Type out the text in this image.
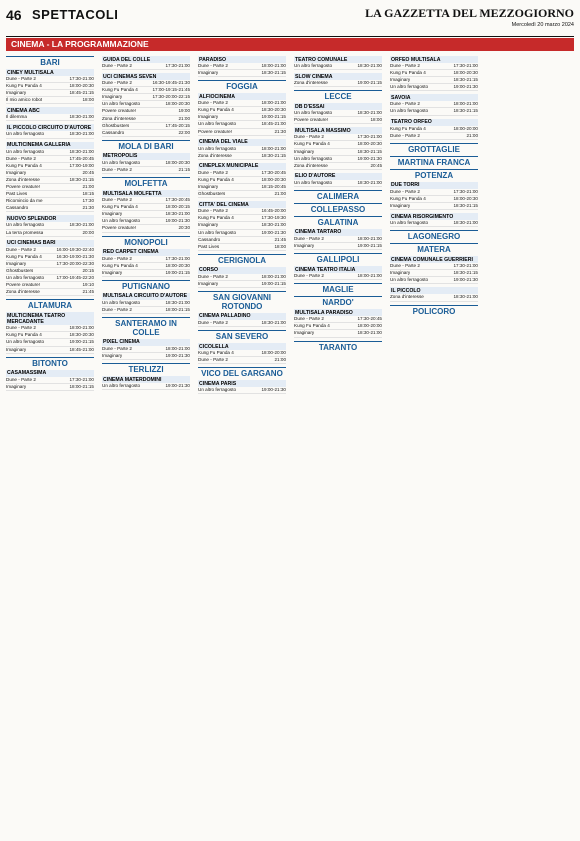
46 SPETTACOLI	LA GAZZETTA DEL MEZZOGIORNO
Mercoledì 20 marzo 2024
CINEMA - LA PROGRAMMAZIONE
BARI
CINEY MULTISALA
Dune - Parte 2	17:30-21:00
Kung Fu Panda 4	18:00-20:30
Imaginary	18:45-21:15
Il mio amico robot	18:00
CINEMA ABC
Il dilemma	18:30-21:00
IL PICCOLO CIRCUITO D'AUTORE
Un altro ferragosto	18:30-21:00
MULTICINEMA GALLERIA
Un altro ferragosto	18:30-21:00
Dune - Parte 2	17:45-20:45
Kung Fu Panda 4	17:00-19:00
Imaginary	20:45
Zona d'interesse	18:30-21:15
Povere creature!	21:00
Past Lives	18:15
Ricomincio da me	17:30
Cassandro	21:30
NUOVO SPLENDOR
Un altro ferragosto	18:30-21:00
La terra promessa	20:00
UCI CINEMAS BARI
Dune - Parte 2	16:00-19:30-22:40
Kung Fu Panda 4	16:30-19:00-21:30
Imaginary	17:30-20:00-22:30
Ghostbusters	20:15
Un altro ferragosto	17:00-19:45-22:20
Povere creature!	19:10
Zona d'interesse	21:45
ALTAMURA
MULTICINEMA TEATRO MERCADANTE
Dune - Parte 2	18:00-21:00
Kung Fu Panda 4	18:30-20:30
Un altro ferragosto	19:00-21:15
Imaginary	18:45-21:00
BITONTO
CASAMASSIMA
Dune - Parte 2	17:30-21:00
Imaginary	18:00-21:15
GUIDA DEL COLLE
Dune - Parte 2	17:30-21:00
UCI CINEMAS SEVEN
Dune - Parte 2	16:30-19:45-21:30
Kung Fu Panda 4	17:00-19:15-21:45
Imaginary	17:30-20:00-22:15
Un altro ferragosto	18:00-20:30
Povere creature!	19:00
Zona d'interesse	21:00
Ghostbusters	17:45-20:15
Cassandro	22:00
MOLA DI BARI
METROPOLIS
Un altro ferragosto	18:00-20:30
Dune - Parte 2	21:15
MOLFETTA
MULTISALA MOLFETTA
Dune - Parte 2	17:30-20:45
Kung Fu Panda 4	18:00-20:15
Imaginary	18:30-21:00
Un altro ferragosto	19:00-21:30
Povere creature!	20:30
MONOPOLI
RED CARPET CINEMA
Dune - Parte 2	17:30-21:00
Kung Fu Panda 4	18:00-20:30
Imaginary	19:00-21:15
PUTIGNANO
MULTISALA CIRCUITO D'AUTORE
Un altro ferragosto	18:30-21:00
Dune - Parte 2	18:00-21:15
SANTERAMO IN COLLE
PIXEL CINEMA
Dune - Parte 2	18:00-21:00
Imaginary	19:00-21:30
TERLIZZI
CINEMA MATERDOMINI
Un altro ferragosto	19:00-21:30
PARADISO
Dune - Parte 2	18:00-21:00
Imaginary	18:30-21:15
FOGGIA
ALFIOCINEMA
Dune - Parte 2	18:00-21:00
Kung Fu Panda 4	18:30-20:30
Imaginary	19:00-21:15
Un altro ferragosto	18:45-21:00
Povere creature!	21:30
CINEMA DEL VIALE
Un altro ferragosto	18:00-21:00
Zona d'interesse	18:30-21:15
CINEPLEX MUNICIPALE
Dune - Parte 2	17:30-20:45
Kung Fu Panda 4	18:00-20:30
Imaginary	18:15-20:45
Ghostbusters	21:00
CITTA' DEL CINEMA
Dune - Parte 2	16:45-20:00
Kung Fu Panda 4	17:30-19:30
Imaginary	18:30-21:00
Un altro ferragosto	19:00-21:30
Cassandro	21:45
Past Lives	18:00
CERIGNOLA
CORSO
Dune - Parte 2	18:00-21:00
Imaginary	19:00-21:15
SAN GIOVANNI ROTONDO
CINEMA PALLADINO
Dune - Parte 2	18:30-21:00
SAN SEVERO
CICOLELLA
Kung Fu Panda 4	18:00-20:00
Dune - Parte 2	21:00
VICO DEL GARGANO
CINEMA PARIS
Un altro ferragosto	19:00-21:30
TEATRO COMUNALE
Un altro ferragosto	18:30-21:00
SLOW CINEMA
Zona d'interesse	19:00-21:15
LECCE
DB D'ESSAI
Un altro ferragosto	18:30-21:00
Povere creature!	18:00
MULTISALA MASSIMO
Dune - Parte 2	17:30-21:00
Kung Fu Panda 4	18:00-20:30
Imaginary	18:30-21:15
Un altro ferragosto	19:00-21:30
Zona d'interesse	20:45
ELIO D'AUTORE
Un altro ferragosto	18:30-21:00
CALIMERA
COLLEPASSO
GALATINA
CINEMA TARTARO
Dune - Parte 2	18:00-21:00
Imaginary	19:00-21:15
GALLIPOLI
CINEMA TEATRO ITALIA
Dune - Parte 2	18:00-21:00
MAGLIE
NARDO'
MULTISALA PARADISO
Dune - Parte 2	17:30-20:45
Kung Fu Panda 4	18:00-20:00
Imaginary	18:30-21:00
TARANTO
ORFEO MULTISALA
Dune - Parte 2	17:30-21:00
Kung Fu Panda 4	18:00-20:30
Imaginary	18:30-21:15
Un altro ferragosto	19:00-21:30
SAVOIA
Dune - Parte 2	18:00-21:00
Un altro ferragosto	18:30-21:15
TEATRO ORFEO
Kung Fu Panda 4	18:00-20:00
Dune - Parte 2	21:00
GROTTAGLIE
MARTINA FRANCA
POTENZA
DUE TORRI
Dune - Parte 2	17:30-21:00
Kung Fu Panda 4	18:00-20:30
Imaginary	18:30-21:15
CINEMA RISORGIMENTO
Un altro ferragosto	18:30-21:00
LAGONEGRO
MATERA
CINEMA COMUNALE GUERRIERI
Dune - Parte 2	17:30-21:00
Imaginary	18:30-21:15
Un altro ferragosto	19:00-21:30
IL PICCOLO
Zona d'interesse	18:30-21:00
POLICORO
